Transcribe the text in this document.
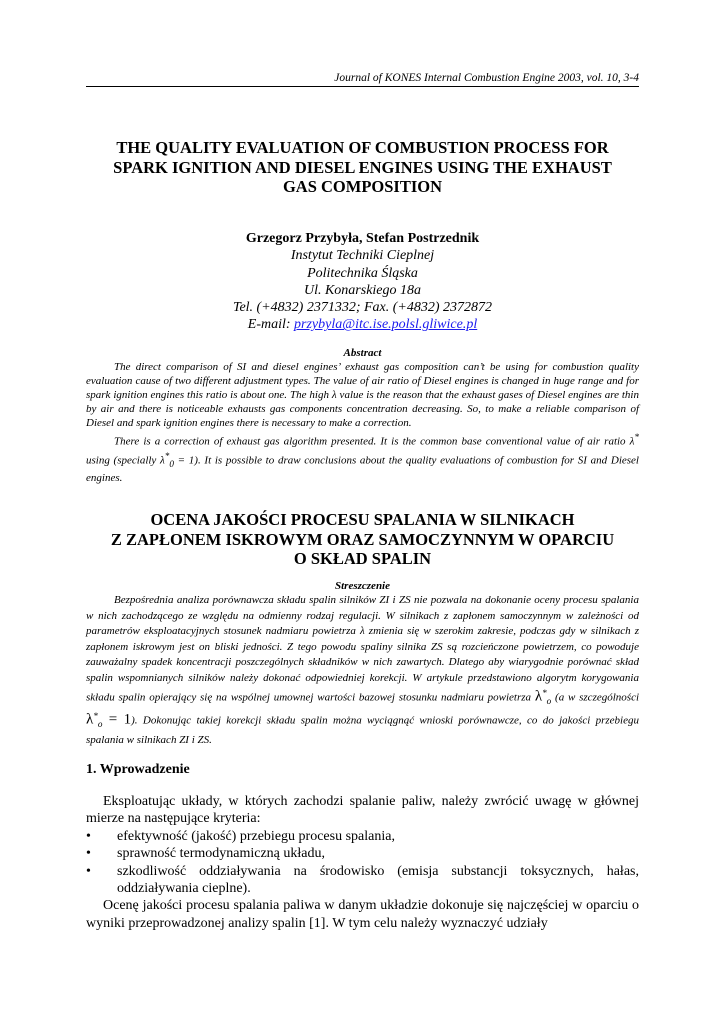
Journal of KONES Internal Combustion Engine 2003, vol. 10, 3-4
THE QUALITY EVALUATION OF COMBUSTION PROCESS FOR
SPARK IGNITION AND DIESEL ENGINES USING THE EXHAUST
GAS COMPOSITION
Grzegorz Przybyła, Stefan Postrzednik
Instytut Techniki Cieplnej
Politechnika Śląska
Ul. Konarskiego 18a
Tel. (+4832) 2371332; Fax. (+4832) 2372872
E-mail: przybyla@itc.ise.polsl.gliwice.pl
Abstract

The direct comparison of SI and diesel engines’ exhaust gas composition can’t be using for combustion quality evaluation cause of two different adjustment types. The value of air ratio of Diesel engines is changed in huge range and for spark ignition engines this ratio is about one. The high λ value is the reason that the exhaust gases of Diesel engines are thin by air and there is noticeable exhausts gas components concentration decreasing. So, to make a reliable comparison of Diesel and spark ignition engines there is necessary to make a correction.

There is a correction of exhaust gas algorithm presented. It is the common base conventional value of air ratio λ* using (specially $\lambda^*_0 = 1$). It is possible to draw conclusions about the quality evaluations of combustion for SI and Diesel engines.

OCENA JAKOŚCI PROCESU SPALANIA W SILNIKACH
Z ZAPŁONEM ISKROWYM ORAZ SAMOCZYNNYM W OPARCIU
O SKŁAD SPALIN
Streszczenie

Bezpośrednia analiza porównawcza składu spalin silników ZI i ZS nie pozwala na dokonanie oceny procesu spalania w nich zachodzącego ze względu na odmienny rodzaj regulacji. W silnikach z zapłonem samoczynnym w zależności od parametrów eksploatacyjnych stosunek nadmiaru powietrza λ zmienia się w szerokim zakresie, podczas gdy w silnikach z zapłonem iskrowym jest on bliski jedności. Z tego powodu spaliny silnika ZS są rozcieńczone powietrzem, co powoduje zauważalny spadek koncentracji poszczególnych składników w nich zawartych. Dlatego aby wiarygodnie porównać skład spalin wspomnianych silników należy dokonać odpowiedniej korekcji. W artykule przedstawiono algorytm korygowania składu spalin opierający się na wspólnej umownej wartości bazowej stosunku nadmiaru powietrza $\lambda^*_o$ (a w szczególności $\lambda^*_o = 1$). Dokonując takiej korekcji składu spalin można wyciągnąć wnioski porównawcze, co do jakości przebiegu spalania w silnikach ZI i ZS.

1. Wprowadzenie

Eksploatując układy, w których zachodzi spalanie paliw, należy zwrócić uwagę w głównej mierze na następujące kryteria:

• efektywność (jakość) przebiegu procesu spalania,
• sprawność termodynamiczną układu,
• szkodliwość oddziaływania na środowisko (emisja substancji toksycznych, hałas, oddziaływania cieplne).

Ocenę jakości procesu spalania paliwa w danym układzie dokonuje się najczęściej w oparciu o wyniki przeprowadzonej analizy spalin [1]. W tym celu należy wyznaczyć udziały
